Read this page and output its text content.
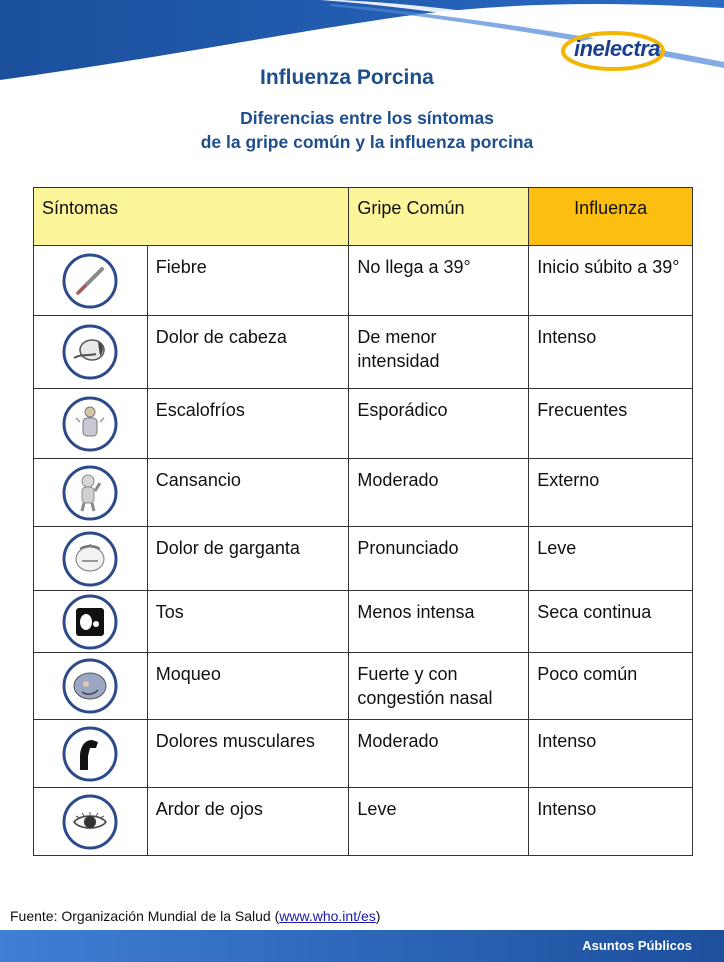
inelectra
Influenza Porcina
Diferencias entre los síntomas
de la gripe común y la influenza porcina
Síntomas		Gripe Común	Influenza

	Fiebre	No llega a 39°	Inicio súbito a 39°

	Dolor de cabeza	De menor intensidad	Intenso

	Escalofríos	Esporádico	Frecuentes

	Cansancio	Moderado	Externo

	Dolor de garganta	Pronunciado	Leve

	Tos	Menos intensa	Seca continua

	Moqueo	Fuerte y con congestión nasal	Poco común

	Dolores musculares	Moderado	Intenso

	Ardor de ojos	Leve	Intenso
Fuente: Organización Mundial de la Salud (www.who.int/es)
Asuntos Públicos
